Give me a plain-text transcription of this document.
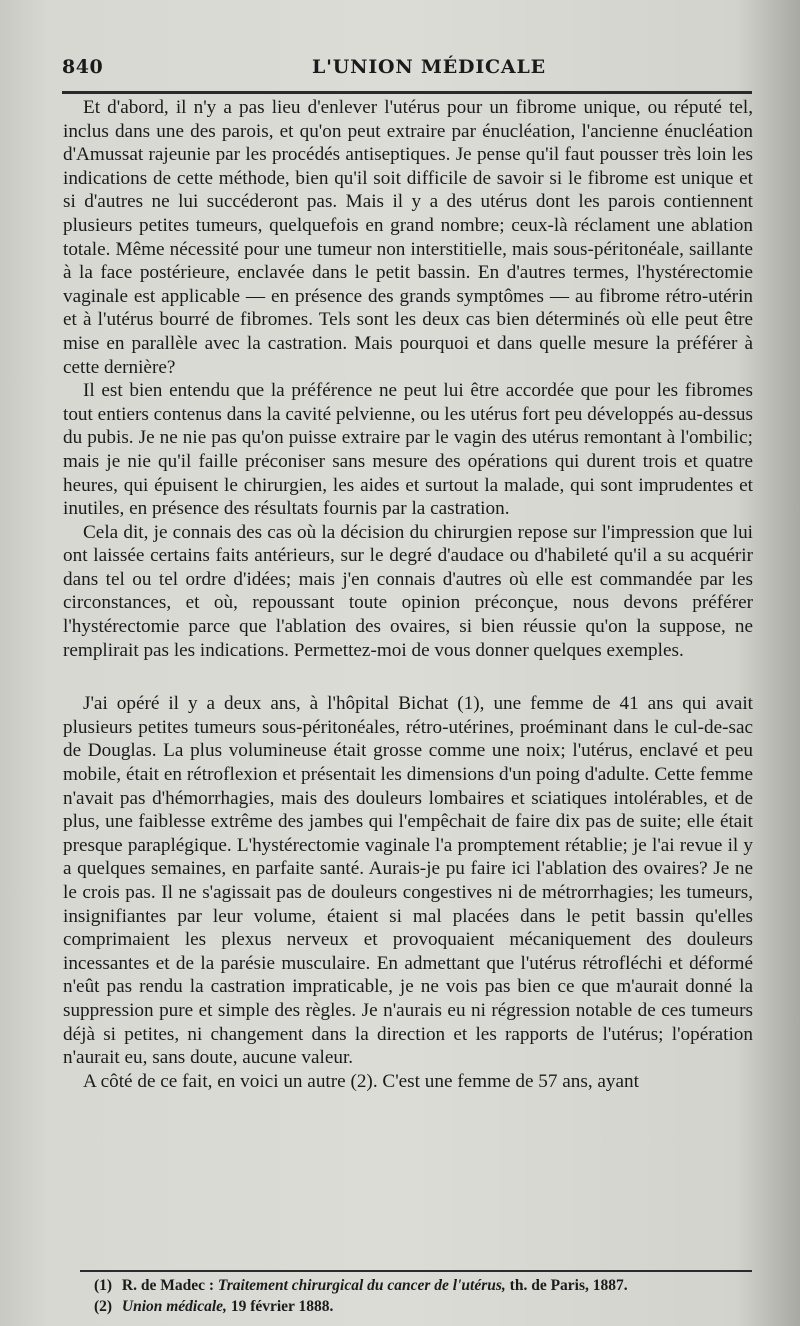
840	L'UNION MÉDICALE

Et d'abord, il n'y a pas lieu d'enlever l'utérus pour un fibrome unique, ou réputé tel, inclus dans une des parois, et qu'on peut extraire par énucléation, l'ancienne énucléation d'Amussat rajeunie par les procédés antiseptiques. Je pense qu'il faut pousser très loin les indications de cette méthode, bien qu'il soit difficile de savoir si le fibrome est unique et si d'autres ne lui succéderont pas. Mais il y a des utérus dont les parois contiennent plusieurs petites tumeurs, quelquefois en grand nombre; ceux-là réclament une ablation totale. Même nécessité pour une tumeur non interstitielle, mais sous-péritonéale, saillante à la face postérieure, enclavée dans le petit bassin. En d'autres termes, l'hystérectomie vaginale est applicable — en présence des grands symptômes — au fibrome rétro-utérin et à l'utérus bourré de fibromes. Tels sont les deux cas bien déterminés où elle peut être mise en parallèle avec la castration. Mais pourquoi et dans quelle mesure la préférer à cette dernière?

Il est bien entendu que la préférence ne peut lui être accordée que pour les fibromes tout entiers contenus dans la cavité pelvienne, ou les utérus fort peu développés au-dessus du pubis. Je ne nie pas qu'on puisse extraire par le vagin des utérus remontant à l'ombilic; mais je nie qu'il faille préconiser sans mesure des opérations qui durent trois et quatre heures, qui épuisent le chirurgien, les aides et surtout la malade, qui sont imprudentes et inutiles, en présence des résultats fournis par la castration.

Cela dit, je connais des cas où la décision du chirurgien repose sur l'impression que lui ont laissée certains faits antérieurs, sur le degré d'audace ou d'habileté qu'il a su acquérir dans tel ou tel ordre d'idées; mais j'en connais d'autres où elle est commandée par les circonstances, et où, repoussant toute opinion préconçue, nous devons préférer l'hystérectomie parce que l'ablation des ovaires, si bien réussie qu'on la suppose, ne remplirait pas les indications. Permettez-moi de vous donner quelques exemples.

J'ai opéré il y a deux ans, à l'hôpital Bichat (1), une femme de 41 ans qui avait plusieurs petites tumeurs sous-péritonéales, rétro-utérines, proéminant dans le cul-de-sac de Douglas. La plus volumineuse était grosse comme une noix; l'utérus, enclavé et peu mobile, était en rétroflexion et présentait les dimensions d'un poing d'adulte. Cette femme n'avait pas d'hémorrhagies, mais des douleurs lombaires et sciatiques intolérables, et de plus, une faiblesse extrême des jambes qui l'empêchait de faire dix pas de suite; elle était presque paraplégique. L'hystérectomie vaginale l'a promptement rétablie; je l'ai revue il y a quelques semaines, en parfaite santé. Aurais-je pu faire ici l'ablation des ovaires? Je ne le crois pas. Il ne s'agissait pas de douleurs congestives ni de métrorrhagies; les tumeurs, insignifiantes par leur volume, étaient si mal placées dans le petit bassin qu'elles comprimaient les plexus nerveux et provoquaient mécaniquement des douleurs incessantes et de la parésie musculaire. En admettant que l'utérus rétrofléchi et déformé n'eût pas rendu la castration impraticable, je ne vois pas bien ce que m'aurait donné la suppression pure et simple des règles. Je n'aurais eu ni régression notable de ces tumeurs déjà si petites, ni changement dans la direction et les rapports de l'utérus; l'opération n'aurait eu, sans doute, aucune valeur.

A côté de ce fait, en voici un autre (2). C'est une femme de 57 ans, ayant

(1) R. de Madec : Traitement chirurgical du cancer de l'utérus, th. de Paris, 1887.
(2) Union médicale, 19 février 1888.
